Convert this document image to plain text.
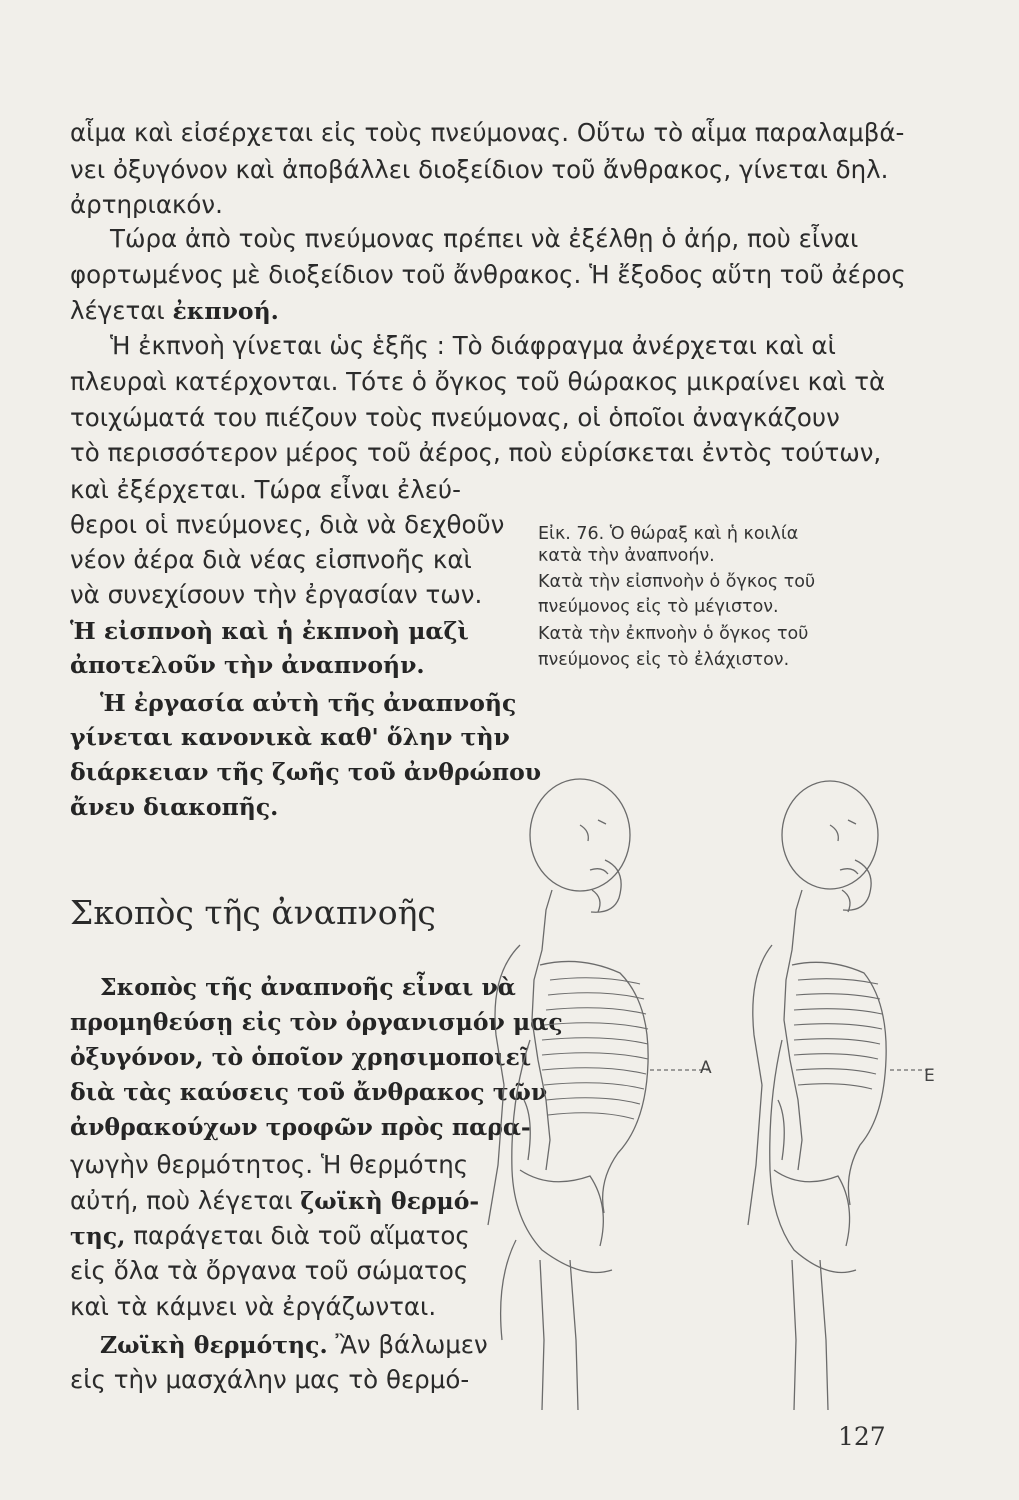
αἷμα καὶ εἰσέρχεται εἰς τοὺς πνεύμονας. Οὕτω τὸ αἷμα παραλαμβά-
νει ὀξυγόνον καὶ ἀποβάλλει διοξείδιον τοῦ ἄνθρακος, γίνεται δηλ.
ἀρτηριακόν.
Τώρα ἀπὸ τοὺς πνεύμονας πρέπει νὰ ἐξέλθῃ ὁ ἀήρ, ποὺ εἶναι
φορτωμένος μὲ διοξείδιον τοῦ ἄνθρακος. Ἡ ἔξοδος αὕτη τοῦ ἀέρος
λέγεται ἐκπνοή.
Ἡ ἐκπνοὴ γίνεται ὡς ἑξῆς : Τὸ διάφραγμα ἀνέρχεται καὶ αἱ
πλευραὶ κατέρχονται. Τότε ὁ ὄγκος τοῦ θώρακος μικραίνει καὶ τὰ
τοιχώματά του πιέζουν τοὺς πνεύμονας, οἱ ὁποῖοι ἀναγκάζουν
τὸ περισσότερον μέρος τοῦ ἀέρος, ποὺ εὑρίσκεται ἐντὸς τούτων,
καὶ ἐξέρχεται. Τώρα εἶναι ἐλεύ-
θεροι οἱ πνεύμονες, διὰ νὰ δεχθοῦν
νέον ἀέρα διὰ νέας εἰσπνοῆς καὶ
νὰ συνεχίσουν τὴν ἐργασίαν των.
Ἡ εἰσπνοὴ καὶ ἡ ἐκπνοὴ μαζὶ
ἀποτελοῦν τὴν ἀναπνοήν.
Ἡ ἐργασία αὐτὴ τῆς ἀναπνοῆς
γίνεται κανονικὰ καθ' ὅλην τὴν
διάρκειαν τῆς ζωῆς τοῦ ἀνθρώπου
ἄνευ διακοπῆς.
Εἰκ. 76. Ὁ θώραξ καὶ ἡ κοιλία
κατὰ τὴν ἀναπνοήν.
Κατὰ τὴν εἰσπνοὴν ὁ ὄγκος τοῦ
πνεύμονος εἰς τὸ μέγιστον.
Κατὰ τὴν ἐκπνοὴν ὁ ὄγκος τοῦ
πνεύμονος εἰς τὸ ἐλάχιστον.
Σκοπὸς τῆς ἀναπνοῆς
Σκοπὸς τῆς ἀναπνοῆς εἶναι νὰ
προμηθεύσῃ εἰς τὸν ὀργανισμόν μας
ὀξυγόνον, τὸ ὁποῖον χρησιμοποιεῖ
διὰ τὰς καύσεις τοῦ ἄνθρακος τῶν
ἀνθρακούχων τροφῶν πρὸς παρα-
γωγὴν θερμότητος. Ἡ θερμότης
αὐτή, ποὺ λέγεται ζωϊκὴ θερμό-
της, παράγεται διὰ τοῦ αἵματος
εἰς ὅλα τὰ ὄργανα τοῦ σώματος
καὶ τὰ κάμνει νὰ ἐργάζωνται.
Ζωϊκὴ θερμότης. Ἂν βάλωμεν
εἰς τὴν μασχάλην μας τὸ θερμό-
Α	Ε
127
